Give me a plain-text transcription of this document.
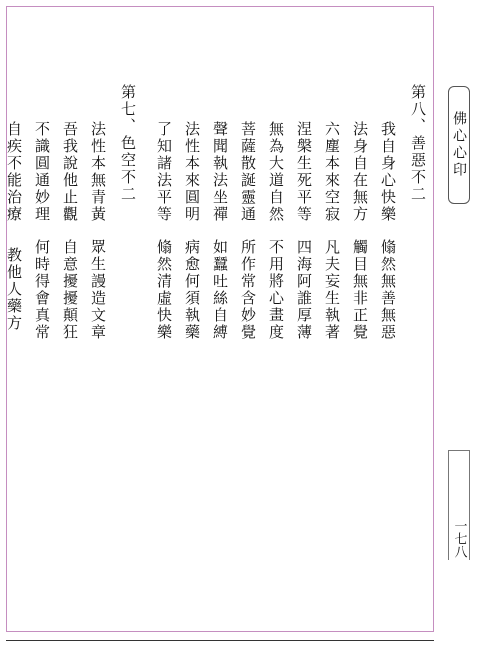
佛心心印
一七八
第八、善惡不二
我自身心快樂翛然無善無惡
法身自在無方觸目無非正覺
六塵本來空寂凡夫妄生執著
涅槃生死平等四海阿誰厚薄
無為大道自然不用將心畫度
菩薩散誕靈通所作常含妙覺
聲聞執法坐禪如蠶吐絲自縛
法性本來圓明病愈何須執藥
了知諸法平等翛然清虛快樂
第七、色空不二
法性本無青黃眾生謾造文章
吾我說他止觀自意擾擾顛狂
不識圓通妙理何時得會真常
自疾不能治療教他人藥方
